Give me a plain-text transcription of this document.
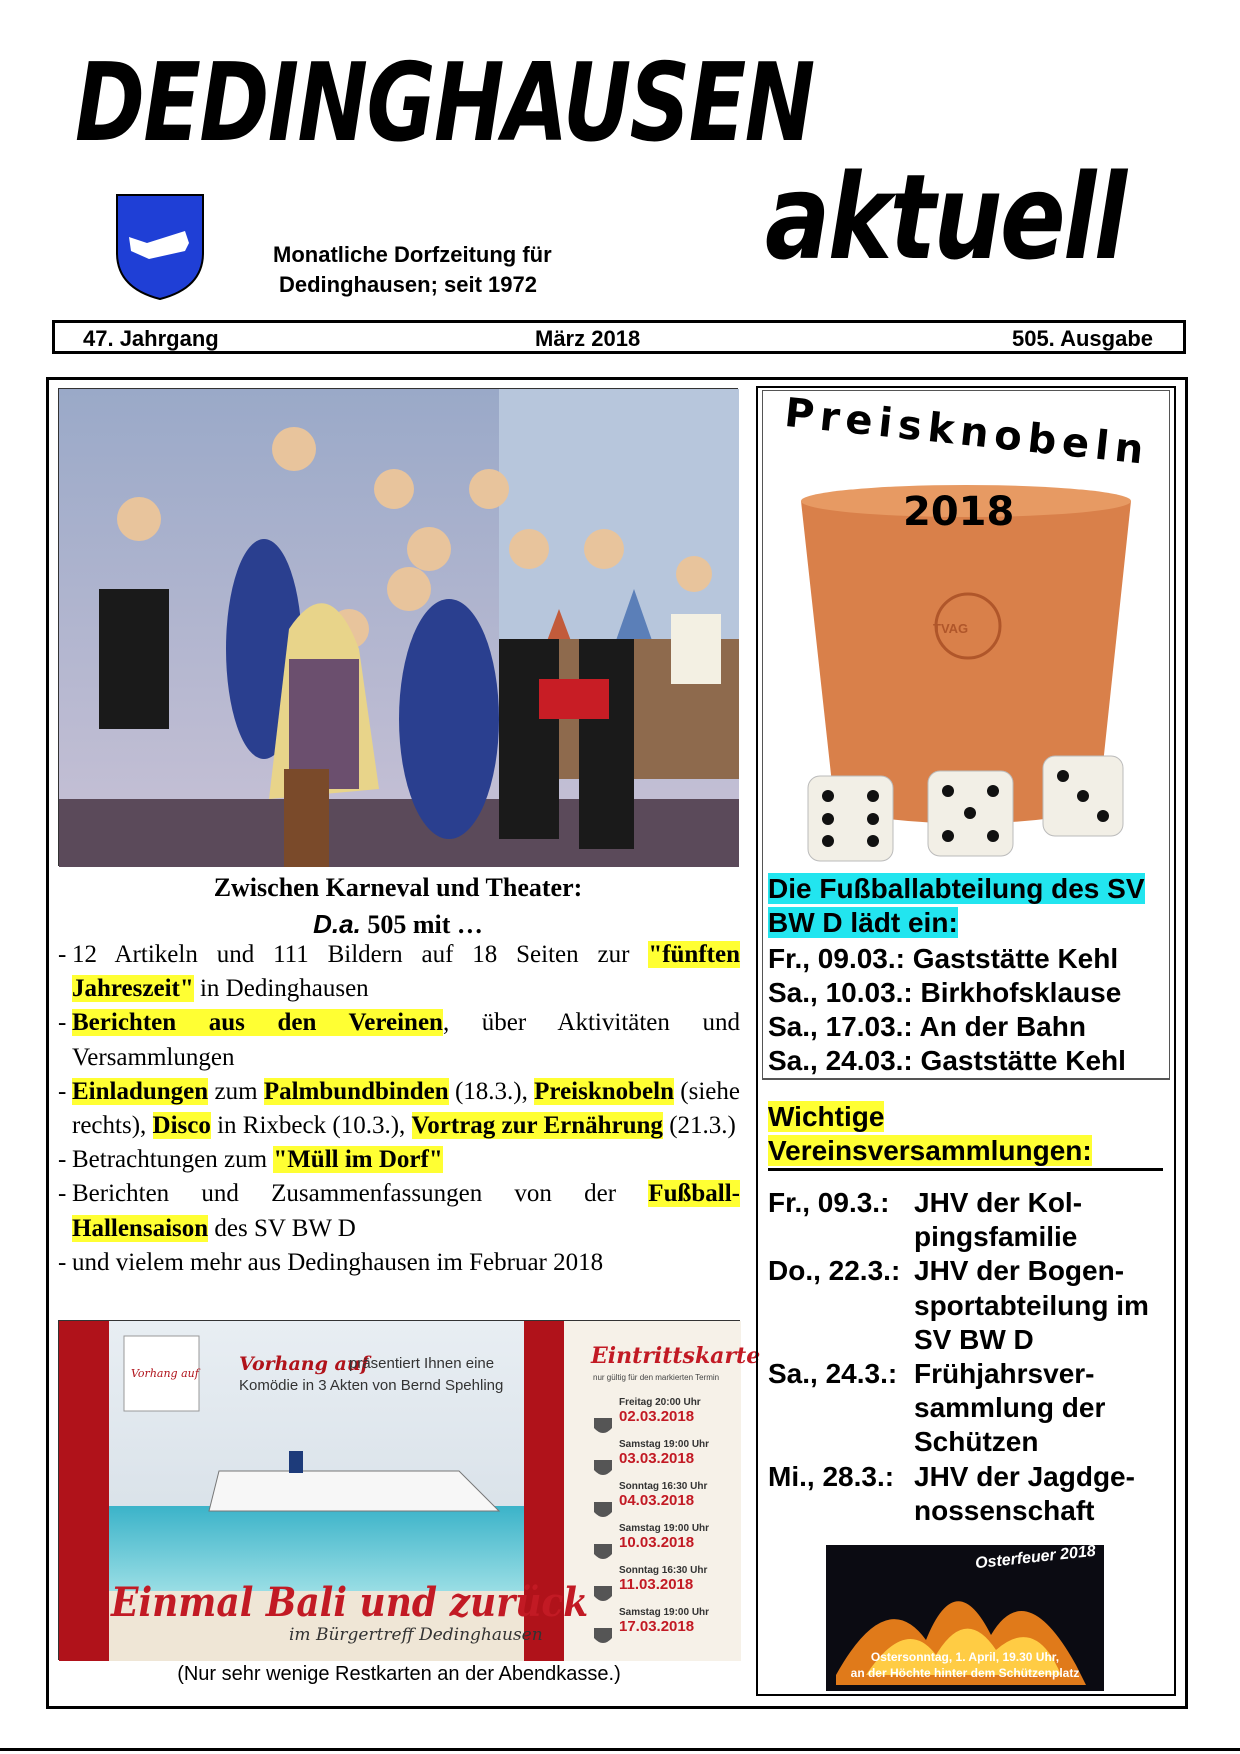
DEDINGHAUSEN
aktuell
Monatliche Dorfzeitung für
Dedinghausen; seit 1972
47. Jahrgang	März 2018	505. Ausgabe
Zwischen Karneval und Theater:
D.a. 505 mit …
- 12 Artikeln und 111 Bildern auf 18 Seiten zur "fünften Jahreszeit" in Dedinghausen
- Berichten aus den Vereinen, über Aktivitäten und Versammlungen
- Einladungen zum Palmbundbinden (18.3.), Preisknobeln (siehe rechts), Disco in Rixbeck (10.3.), Vortrag zur Ernährung (21.3.)
- Betrachtungen zum "Müll im Dorf"
- Berichten und Zusammenfassungen von der Fußball-Hallensaison des SV BW D
- und vielem mehr aus Dedinghausen im Februar 2018
Vorhang auf Vorhang auf
präsentiert Ihnen eine
Komödie in 3 Akten von Bernd Spehling
Einmal Bali und zurück
im Bürgertreff Dedinghausen
Eintrittskarte
nur gültig für den markierten Termin
Freitag 20:00 Uhr
02.03.2018
Samstag 19:00 Uhr
03.03.2018
Sonntag 16:30 Uhr
04.03.2018
Samstag 19:00 Uhr
10.03.2018
Sonntag 16:30 Uhr
11.03.2018
Samstag 19:00 Uhr
17.03.2018
(Nur sehr wenige Restkarten an der Abendkasse.)
TVAG
Preisknobeln
2018
Die Fußballabteilung des SV BW D lädt ein:
Fr., 09.03.: Gaststätte Kehl
Sa., 10.03.: Birkhofsklause
Sa., 17.03.: An der Bahn
Sa., 24.03.: Gaststätte Kehl
Wichtige
Vereinsversammlungen:
Fr., 09.3.: JHV der Kol-
pingsfamilie
Do., 22.3.: JHV der Bogen-
sportabteilung im
SV BW D
Sa., 24.3.: Frühjahrsver-
sammlung der
Schützen
Mi., 28.3.: JHV der Jagdge-
nossenschaft
Osterfeuer 2018
Ostersonntag, 1. April, 19.30 Uhr,
an der Höchte hinter dem Schützenplatz
